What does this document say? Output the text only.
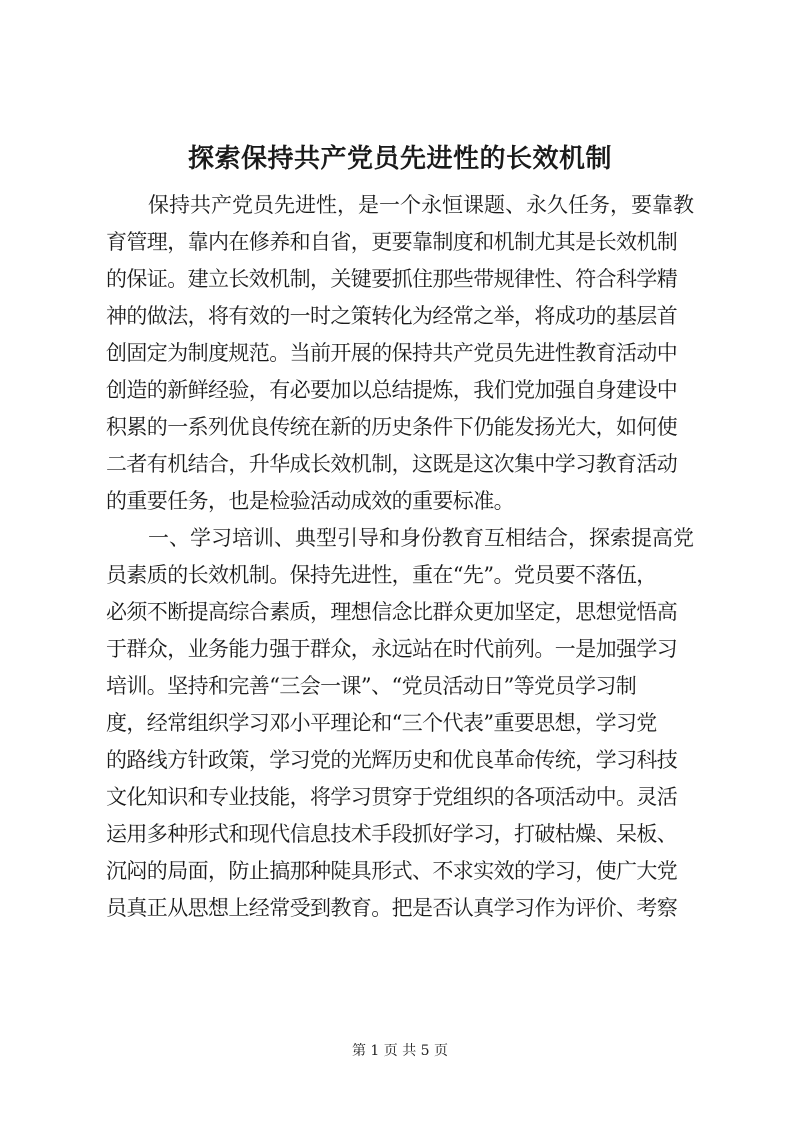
探索保持共产党员先进性的长效机制
保持共产党员先进性，是一个永恒课题、永久任务，要靠教
育管理，靠内在修养和自省，更要靠制度和机制尤其是长效机制
的保证。建立长效机制，关键要抓住那些带规律性、符合科学精
神的做法，将有效的一时之策转化为经常之举，将成功的基层首
创固定为制度规范。当前开展的保持共产党员先进性教育活动中
创造的新鲜经验，有必要加以总结提炼，我们党加强自身建设中
积累的一系列优良传统在新的历史条件下仍能发扬光大，如何使
二者有机结合，升华成长效机制，这既是这次集中学习教育活动
的重要任务，也是检验活动成效的重要标准。
一、学习培训、典型引导和身份教育互相结合，探索提高党
员素质的长效机制。保持先进性，重在“先”。党员要不落伍，
必须不断提高综合素质，理想信念比群众更加坚定，思想觉悟高
于群众，业务能力强于群众，永远站在时代前列。一是加强学习
培训。坚持和完善“三会一课”、“党员活动日”等党员学习制
度，经常组织学习邓小平理论和“三个代表”重要思想，学习党
的路线方针政策，学习党的光辉历史和优良革命传统，学习科技
文化知识和专业技能，将学习贯穿于党组织的各项活动中。灵活
运用多种形式和现代信息技术手段抓好学习，打破枯燥、呆板、
沉闷的局面，防止搞那种陡具形式、不求实效的学习，使广大党
员真正从思想上经常受到教育。把是否认真学习作为评价、考察
第 1 页 共 5 页
